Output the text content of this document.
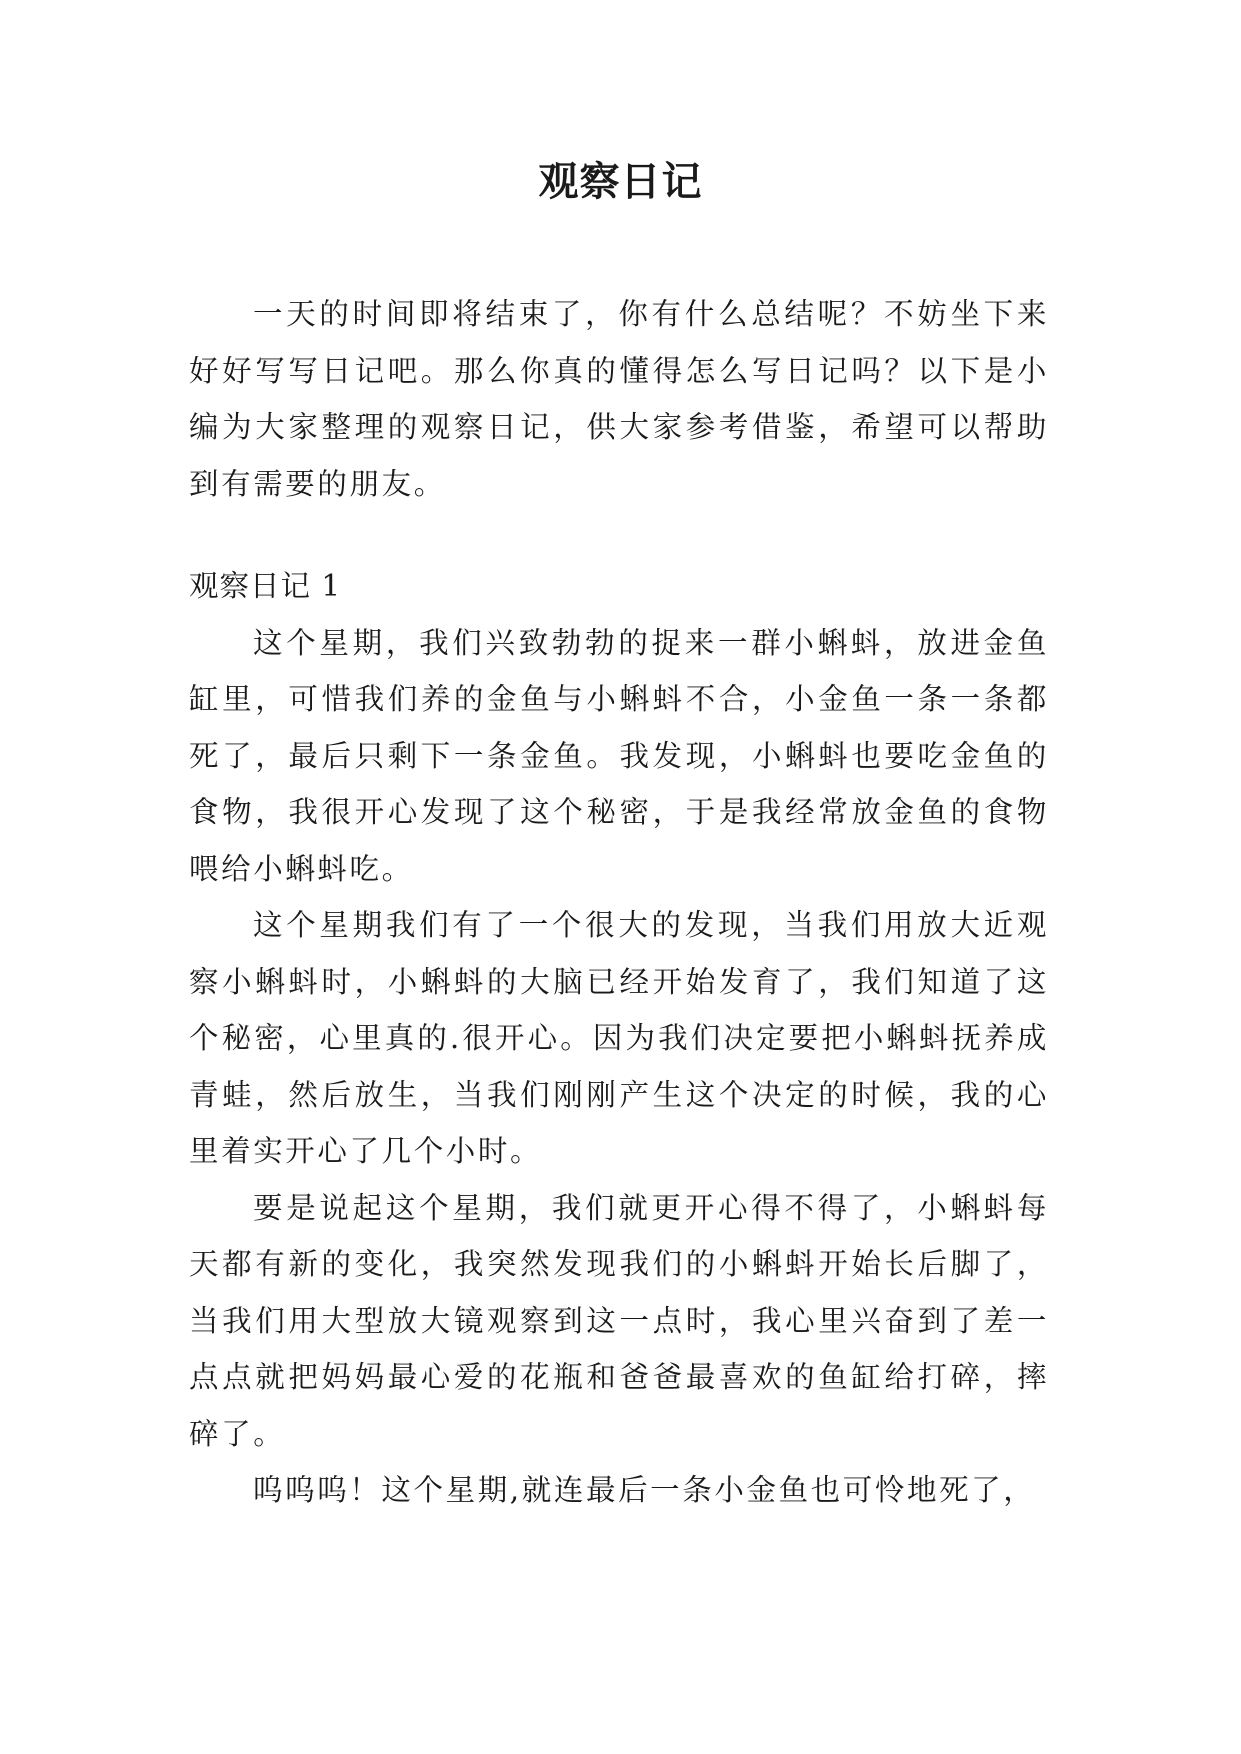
观察日记

一天的时间即将结束了，你有什么总结呢？不妨坐下来好好写写日记吧。那么你真的懂得怎么写日记吗？以下是小编为大家整理的观察日记，供大家参考借鉴，希望可以帮助到有需要的朋友。

观察日记 1

这个星期，我们兴致勃勃的捉来一群小蝌蚪，放进金鱼缸里，可惜我们养的金鱼与小蝌蚪不合，小金鱼一条一条都死了，最后只剩下一条金鱼。我发现，小蝌蚪也要吃金鱼的食物，我很开心发现了这个秘密，于是我经常放金鱼的食物喂给小蝌蚪吃。

这个星期我们有了一个很大的发现，当我们用放大近观察小蝌蚪时，小蝌蚪的大脑已经开始发育了，我们知道了这个秘密，心里真的.很开心。因为我们决定要把小蝌蚪抚养成青蛙，然后放生，当我们刚刚产生这个决定的时候，我的心里着实开心了几个小时。

要是说起这个星期，我们就更开心得不得了，小蝌蚪每天都有新的变化，我突然发现我们的小蝌蚪开始长后脚了，当我们用大型放大镜观察到这一点时，我心里兴奋到了差一点点就把妈妈最心爱的花瓶和爸爸最喜欢的鱼缸给打碎，摔碎了。

呜呜呜！这个星期,就连最后一条小金鱼也可怜地死了，
